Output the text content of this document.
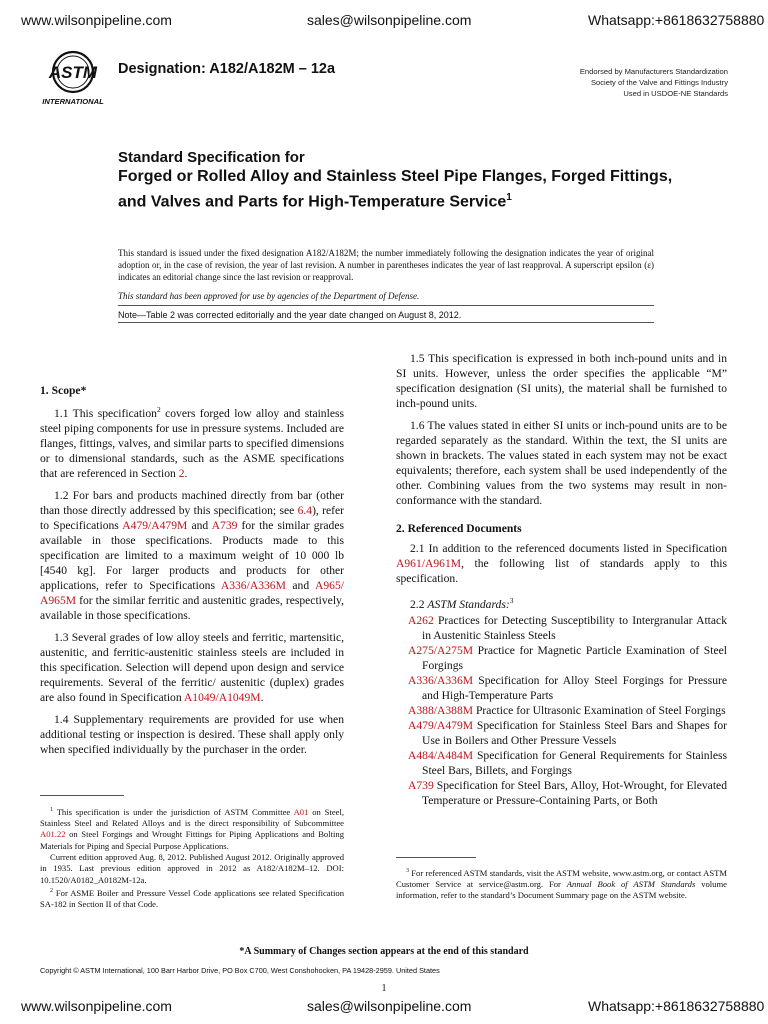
www.wilsonpipeline.com	sales@wilsonpipeline.com	Whatsapp:+8618632758880
ASTM
INTERNATIONAL
Designation: A182/A182M – 12a	Endorsed by Manufacturers Standardization
Society of the Valve and Fittings Industry
Used in USDOE-NE Standards
Standard Specification for
Forged or Rolled Alloy and Stainless Steel Pipe Flanges, Forged Fittings, and Valves and Parts for High-Temperature Service$^1$
This standard is issued under the fixed designation A182/A182M; the number immediately following the designation indicates the year of original adoption or, in the case of revision, the year of last revision. A number in parentheses indicates the year of last reapproval. A superscript epsilon (ε) indicates an editorial change since the last revision or reapproval.
This standard has been approved for use by agencies of the Department of Defense.
Note—Table 2 was corrected editorially and the year date changed on August 8, 2012.
1. Scope*

1.1 This specification$^2$ covers forged low alloy and stainless steel piping components for use in pressure systems. Included are flanges, fittings, valves, and similar parts to specified dimensions or to dimensional standards, such as the ASME specifications that are referenced in Section 2.

1.2 For bars and products machined directly from bar (other than those directly addressed by this specification; see 6.4), refer to Specifications A479/A479M and A739 for the similar grades available in those specifications. Products made to this specification are limited to a maximum weight of 10 000 lb [4540 kg]. For larger products and products for other applications, refer to Specifications A336/A336M and A965/ A965M for the similar ferritic and austenitic grades, respectively, available in those specifications.

1.3 Several grades of low alloy steels and ferritic, martensitic, austenitic, and ferritic-austenitic stainless steels are included in this specification. Selection will depend upon design and service requirements. Several of the ferritic/ austenitic (duplex) grades are also found in Specification A1049/A1049M.

1.4 Supplementary requirements are provided for use when additional testing or inspection is desired. These shall apply only when specified individually by the purchaser in the order.

$^1$ This specification is under the jurisdiction of ASTM Committee A01 on Steel, Stainless Steel and Related Alloys and is the direct responsibility of Subcommittee A01.22 on Steel Forgings and Wrought Fittings for Piping Applications and Bolting Materials for Piping and Special Purpose Applications.

Current edition approved Aug. 8, 2012. Published August 2012. Originally approved in 1935. Last previous edition approved in 2012 as A182/A182M–12. DOI: 10.1520/A0182_A0182M-12a.

$^2$ For ASME Boiler and Pressure Vessel Code applications see related Specification SA-182 in Section II of that Code.

1.5 This specification is expressed in both inch-pound units and in SI units. However, unless the order specifies the applicable “M” specification designation (SI units), the material shall be furnished to inch-pound units.

1.6 The values stated in either SI units or inch-pound units are to be regarded separately as the standard. Within the text, the SI units are shown in brackets. The values stated in each system may not be exact equivalents; therefore, each system shall be used independently of the other. Combining values from the two systems may result in non-conformance with the standard.

2. Referenced Documents

2.1 In addition to the referenced documents listed in Specification A961/A961M, the following list of standards apply to this specification.

2.2 ASTM Standards:$^3$

A262 Practices for Detecting Susceptibility to Intergranular Attack in Austenitic Stainless Steels
A275/A275M Practice for Magnetic Particle Examination of Steel Forgings
A336/A336M Specification for Alloy Steel Forgings for Pressure and High-Temperature Parts
A388/A388M Practice for Ultrasonic Examination of Steel Forgings
A479/A479M Specification for Stainless Steel Bars and Shapes for Use in Boilers and Other Pressure Vessels
A484/A484M Specification for General Requirements for Stainless Steel Bars, Billets, and Forgings
A739 Specification for Steel Bars, Alloy, Hot-Wrought, for Elevated Temperature or Pressure-Containing Parts, or Both

$^3$ For referenced ASTM standards, visit the ASTM website, www.astm.org, or contact ASTM Customer Service at service@astm.org. For Annual Book of ASTM Standards volume information, refer to the standard’s Document Summary page on the ASTM website.

*A Summary of Changes section appears at the end of this standard
Copyright © ASTM International, 100 Barr Harbor Drive, PO Box C700, West Conshohocken, PA 19428-2959. United States
1
www.wilsonpipeline.com	sales@wilsonpipeline.com	Whatsapp:+8618632758880
